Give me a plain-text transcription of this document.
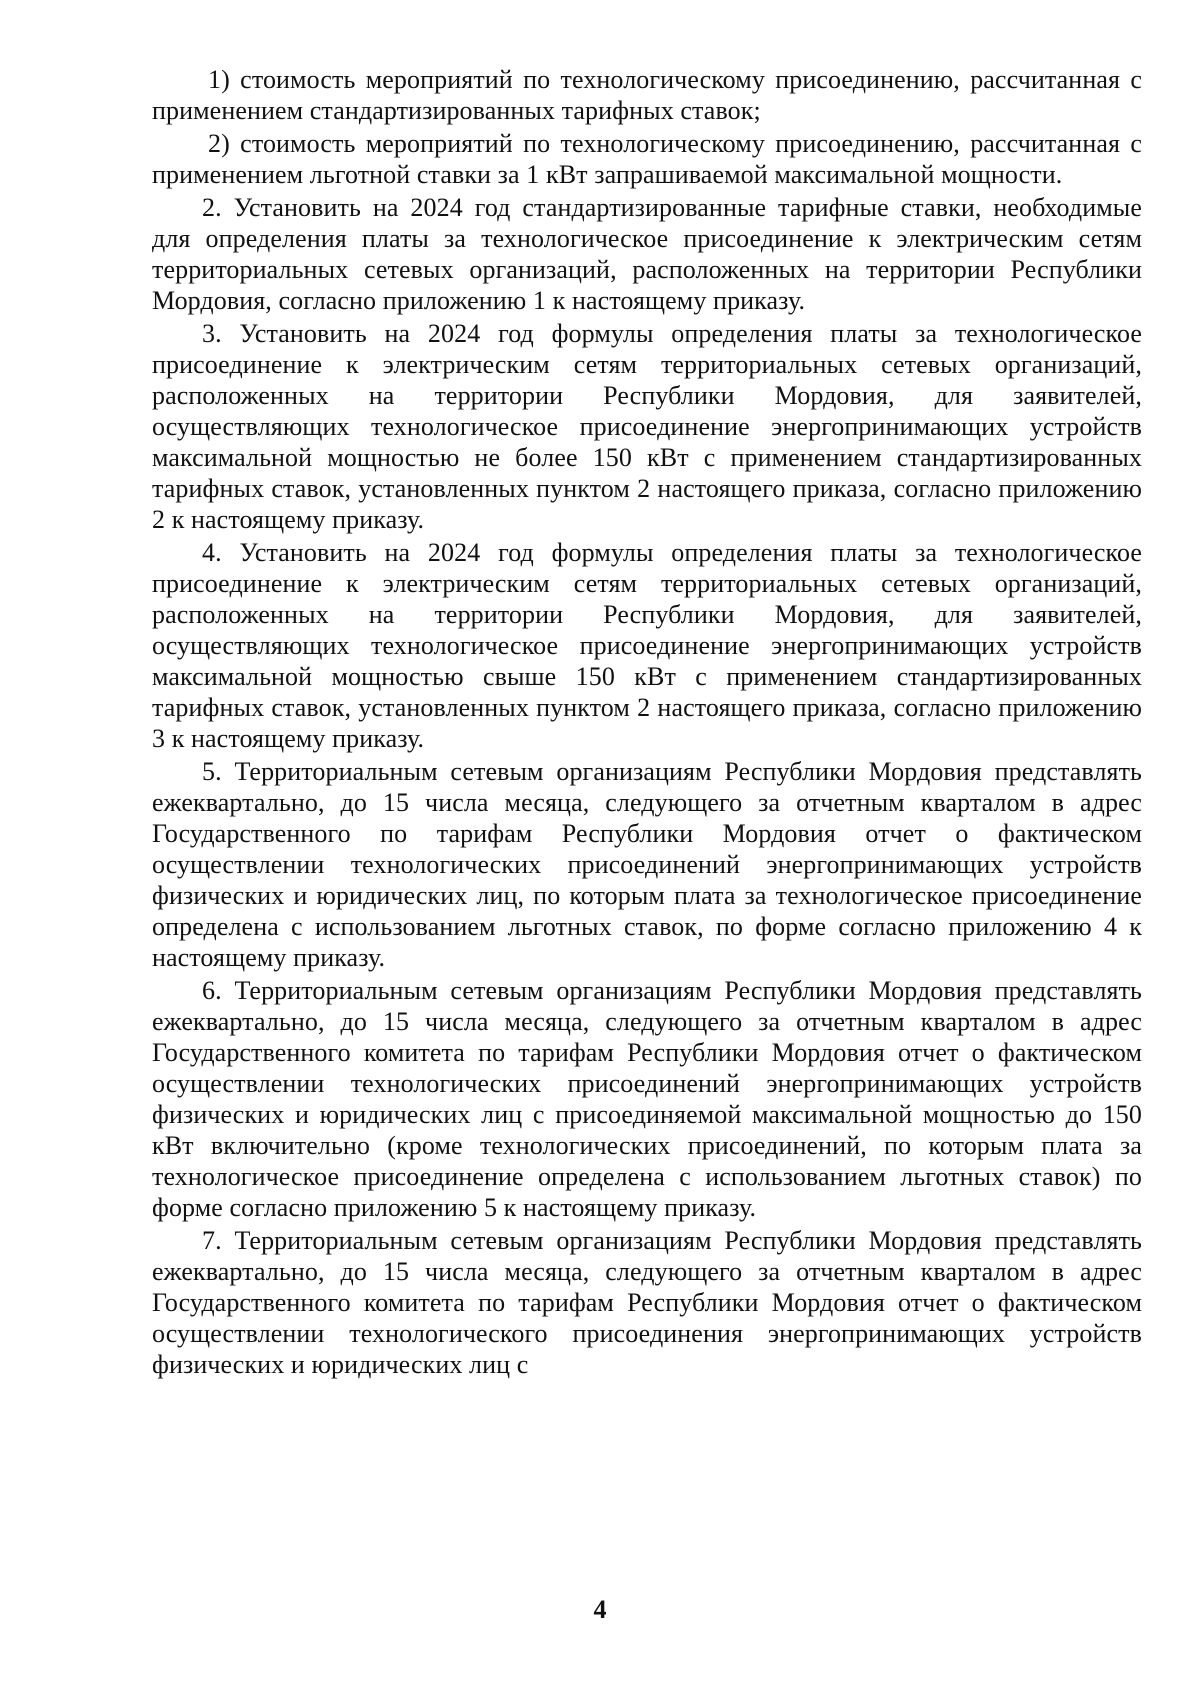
1) стоимость мероприятий по технологическому присоединению, рассчитанная с применением стандартизированных тарифных ставок;

2) стоимость мероприятий по технологическому присоединению, рассчитанная с применением льготной ставки за 1 кВт запрашиваемой максимальной мощности.

2. Установить на 2024 год стандартизированные тарифные ставки, необходимые для определения платы за технологическое присоединение к электрическим сетям территориальных сетевых организаций, расположенных на территории Республики Мордовия, согласно приложению 1 к настоящему приказу.

3. Установить на 2024 год формулы определения платы за технологическое присоединение к электрическим сетям территориальных сетевых организаций, расположенных на территории Республики Мордовия, для заявителей, осуществляющих технологическое присоединение энергопринимающих устройств максимальной мощностью не более 150 кВт с применением стандартизированных тарифных ставок, установленных пунктом 2 настоящего приказа, согласно приложению 2 к настоящему приказу.

4. Установить на 2024 год формулы определения платы за технологическое присоединение к электрическим сетям территориальных сетевых организаций, расположенных на территории Республики Мордовия, для заявителей, осуществляющих технологическое присоединение энергопринимающих устройств максимальной мощностью свыше 150 кВт с применением стандартизированных тарифных ставок, установленных пунктом 2 настоящего приказа, согласно приложению 3 к настоящему приказу.

5. Территориальным сетевым организациям Республики Мордовия представлять ежеквартально, до 15 числа месяца, следующего за отчетным кварталом в адрес Государственного по тарифам Республики Мордовия отчет о фактическом осуществлении технологических присоединений энергопринимающих устройств физических и юридических лиц, по которым плата за технологическое присоединение определена с использованием льготных ставок, по форме согласно приложению 4 к настоящему приказу.

6. Территориальным сетевым организациям Республики Мордовия представлять ежеквартально, до 15 числа месяца, следующего за отчетным кварталом в адрес Государственного комитета по тарифам Республики Мордовия отчет о фактическом осуществлении технологических присоединений энергопринимающих устройств физических и юридических лиц с присоединяемой максимальной мощностью до 150 кВт включительно (кроме технологических присоединений, по которым плата за технологическое присоединение определена с использованием льготных ставок) по форме согласно приложению 5 к настоящему приказу.

7. Территориальным сетевым организациям Республики Мордовия представлять ежеквартально, до 15 числа месяца, следующего за отчетным кварталом в адрес Государственного комитета по тарифам Республики Мордовия отчет о фактическом осуществлении технологического присоединения энергопринимающих устройств физических и юридических лиц с

4
